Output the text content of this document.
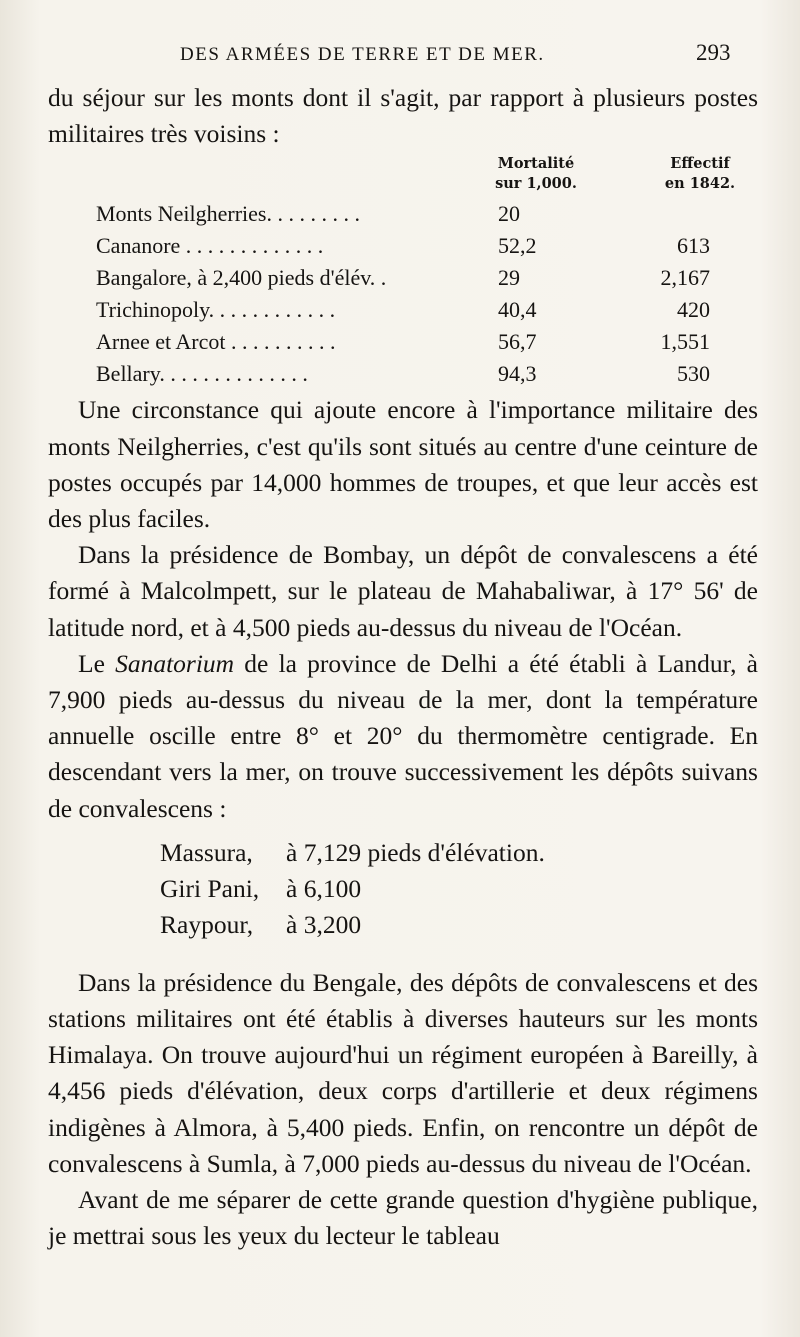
DES ARMÉES DE TERRE ET DE MER.	293

du séjour sur les monts dont il s'agit, par rapport à plusieurs postes militaires très voisins :

Mortalité
sur 1,000.
Effectif
en 1842.
Monts Neilgherries. . . . . . . . .	20
Cananore . . . . . . . . . . . . .	52,2	613
Bangalore, à 2,400 pieds d'élév. .	29	2,167
Trichinopoly. . . . . . . . . . . .	40,4	420
Arnee et Arcot . . . . . . . . . .	56,7	1,551
Bellary. . . . . . . . . . . . . .	94,3	530

Une circonstance qui ajoute encore à l'importance militaire des monts Neilgherries, c'est qu'ils sont situés au centre d'une ceinture de postes occupés par 14,000 hommes de troupes, et que leur accès est des plus faciles.

Dans la présidence de Bombay, un dépôt de convalescens a été formé à Malcolmpett, sur le plateau de Mahabaliwar, à 17° 56' de latitude nord, et à 4,500 pieds au-dessus du niveau de l'Océan.

Le Sanatorium de la province de Delhi a été établi à Landur, à 7,900 pieds au-dessus du niveau de la mer, dont la température annuelle oscille entre 8° et 20° du thermomètre centigrade. En descendant vers la mer, on trouve successivement les dépôts suivans de convalescens :

Massura, à 7,129 pieds d'élévation.
Giri Pani, à 6,100
Raypour, à 3,200

Dans la présidence du Bengale, des dépôts de convalescens et des stations militaires ont été établis à diverses hauteurs sur les monts Himalaya. On trouve aujourd'hui un régiment européen à Bareilly, à 4,456 pieds d'élévation, deux corps d'artillerie et deux régimens indigènes à Almora, à 5,400 pieds. Enfin, on rencontre un dépôt de convalescens à Sumla, à 7,000 pieds au-dessus du niveau de l'Océan.

Avant de me séparer de cette grande question d'hygiène publique, je mettrai sous les yeux du lecteur le tableau
